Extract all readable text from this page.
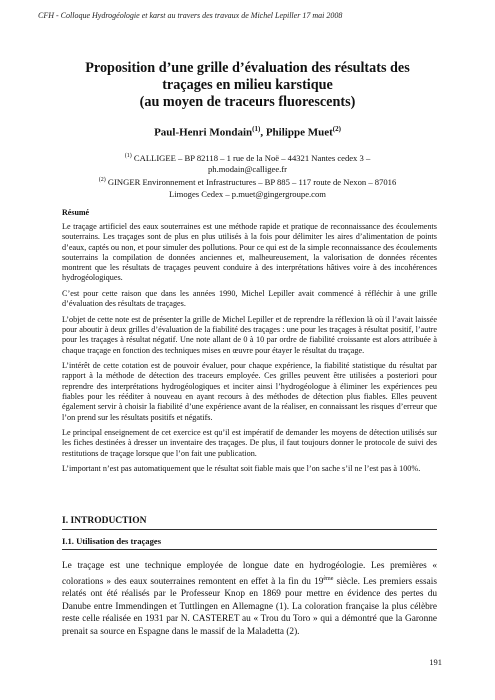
CFH - Colloque Hydrogéologie et karst au travers des travaux de Michel Lepiller 17 mai 2008
Proposition d’une grille d’évaluation des résultats des
traçages en milieu karstique
(au moyen de traceurs fluorescents)
Paul-Henri Mondain$^{(1)}$, Philippe Muet$^{(2)}$
$^{(1)}$ CALLIGEE – BP 82118 – 1 rue de la Noë – 44321 Nantes cedex 3 –
ph.modain@calligee.fr
$^{(2)}$ GINGER Environnement et Infrastructures – BP 885 – 117 route de Nexon – 87016
Limoges Cedex – p.muet@gingergroupe.com
Résumé

Le traçage artificiel des eaux souterraines est une méthode rapide et pratique de reconnaissance des écoulements souterrains. Les traçages sont de plus en plus utilisés à la fois pour délimiter les aires d’alimentation de points d’eaux, captés ou non, et pour simuler des pollutions. Pour ce qui est de la simple reconnaissance des écoulements souterrains la compilation de données anciennes et, malheureusement, la valorisation de données récentes montrent que les résultats de traçages peuvent conduire à des interprétations hâtives voire à des incohérences hydrogéologiques.

C’est pour cette raison que dans les années 1990, Michel Lepiller avait commencé à réfléchir à une grille d’évaluation des résultats de traçages.

L’objet de cette note est de présenter la grille de Michel Lepiller et de reprendre la réflexion là où il l’avait laissée pour aboutir à deux grilles d’évaluation de la fiabilité des traçages : une pour les traçages à résultat positif, l’autre pour les traçages à résultat négatif. Une note allant de 0 à 10 par ordre de fiabilité croissante est alors attribuée à chaque traçage en fonction des techniques mises en œuvre pour étayer le résultat du traçage.

L’intérêt de cette cotation est de pouvoir évaluer, pour chaque expérience, la fiabilité statistique du résultat par rapport à la méthode de détection des traceurs employée. Ces grilles peuvent être utilisées a posteriori pour reprendre des interprétations hydrogéologiques et inciter ainsi l’hydrogéologue à éliminer les expériences peu fiables pour les rééditer à nouveau en ayant recours à des méthodes de détection plus fiables. Elles peuvent également servir à choisir la fiabilité d’une expérience avant de la réaliser, en connaissant les risques d’erreur que l’on prend sur les résultats positifs et négatifs.

Le principal enseignement de cet exercice est qu’il est impératif de demander les moyens de détection utilisés sur les fiches destinées à dresser un inventaire des traçages. De plus, il faut toujours donner le protocole de suivi des restitutions de traçage lorsque que l’on fait une publication.

L’important n’est pas automatiquement que le résultat soit fiable mais que l’on sache s’il ne l’est pas à 100%.

I. INTRODUCTION
I.1. Utilisation des traçages

Le traçage est une technique employée de longue date en hydrogéologie. Les premières « colorations » des eaux souterraines remontent en effet à la fin du 19ème siècle. Les premiers essais relatés ont été réalisés par le Professeur Knop en 1869 pour mettre en évidence des pertes du Danube entre Immendingen et Tuttlingen en Allemagne (1). La coloration française la plus célèbre reste celle réalisée en 1931 par N. CASTERET au « Trou du Toro » qui a démontré que la Garonne prenait sa source en Espagne dans le massif de la Maladetta (2).

191
